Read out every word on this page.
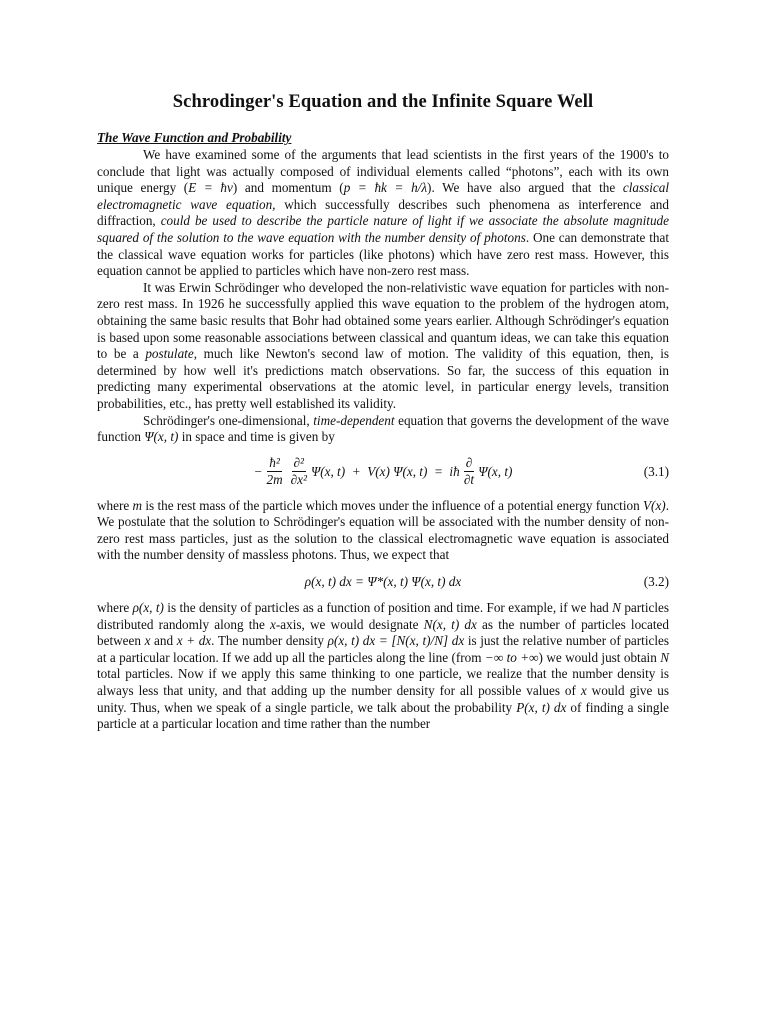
Schrodinger's Equation and the Infinite Square Well
The Wave Function and Probability

We have examined some of the arguments that lead scientists in the first years of the 1900's to conclude that light was actually composed of individual elements called “photons”, each with its own unique energy (E = ħν) and momentum (p = ħk = h/λ). We have also argued that the classical electromagnetic wave equation, which successfully describes such phenomena as interference and diffraction, could be used to describe the particle nature of light if we associate the absolute magnitude squared of the solution to the wave equation with the number density of photons. One can demonstrate that the classical wave equation works for particles (like photons) which have zero rest mass. However, this equation cannot be applied to particles which have non-zero rest mass.

It was Erwin Schrödinger who developed the non-relativistic wave equation for particles with non-zero rest mass. In 1926 he successfully applied this wave equation to the problem of the hydrogen atom, obtaining the same basic results that Bohr had obtained some years earlier. Although Schrödinger's equation is based upon some reasonable associations between classical and quantum ideas, we can take this equation to be a postulate, much like Newton's second law of motion. The validity of this equation, then, is determined by how well it's predictions match observations. So far, the success of this equation in predicting many experimental observations at the atomic level, in particular energy levels, transition probabilities, etc., has pretty well established its validity.

Schrödinger's one-dimensional, time-dependent equation that governs the development of the wave function Ψ(x, t) in space and time is given by

− $\frac{\text{ħ²}}{2m} \frac{\text{∂²}}{\text{∂x²}} \Psi(x$, t)  +  V(x) Ψ(x, t)  =  iħ $\frac{\partial}{\partial t} \Psi(x$, t)	(3.1)

where m is the rest mass of the particle which moves under the influence of a potential energy function V(x). We postulate that the solution to Schrödinger's equation will be associated with the number density of non-zero rest mass particles, just as the solution to the classical electromagnetic wave equation is associated with the number density of massless photons. Thus, we expect that

ρ(x, t) dx = Ψ*(x, t) Ψ(x, t) dx	(3.2)

where ρ(x, t) is the density of particles as a function of position and time. For example, if we had N particles distributed randomly along the x-axis, we would designate N(x, t) dx as the number of particles located between x and x + dx. The number density ρ(x, t) dx = [N(x, t)/N] dx is just the relative number of particles at a particular location. If we add up all the particles along the line (from −∞ to +∞) we would just obtain N total particles. Now if we apply this same thinking to one particle, we realize that the number density is always less that unity, and that adding up the number density for all possible values of x would give us unity. Thus, when we speak of a single particle, we talk about the probability P(x, t) dx of finding a single particle at a particular location and time rather than the number
